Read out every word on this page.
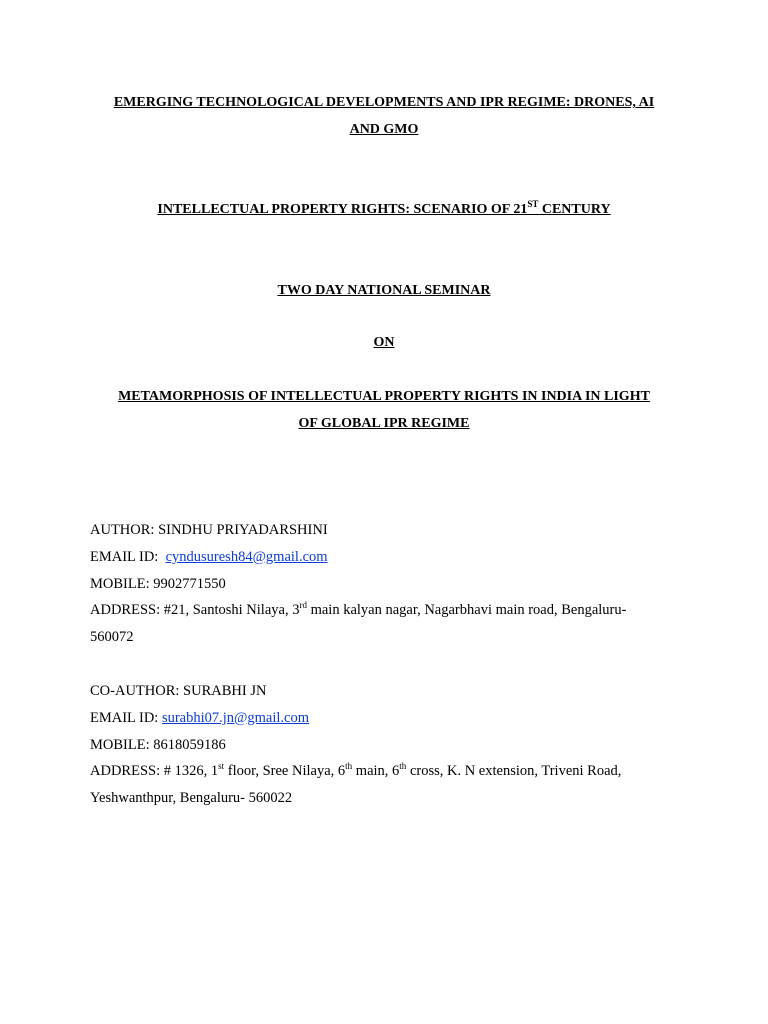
EMERGING TECHNOLOGICAL DEVELOPMENTS AND IPR REGIME: DRONES, AI
AND GMO
INTELLECTUAL PROPERTY RIGHTS: SCENARIO OF 21ST CENTURY
TWO DAY NATIONAL SEMINAR
ON
METAMORPHOSIS OF INTELLECTUAL PROPERTY RIGHTS IN INDIA IN LIGHT
OF GLOBAL IPR REGIME

AUTHOR: SINDHU PRIYADARSHINI

EMAIL ID:  cyndusuresh84@gmail.com

MOBILE: 9902771550

ADDRESS: #21, Santoshi Nilaya, 3rd main kalyan nagar, Nagarbhavi main road, Bengaluru-

560072

CO-AUTHOR: SURABHI JN

EMAIL ID: surabhi07.jn@gmail.com

MOBILE: 8618059186

ADDRESS: # 1326, 1st floor, Sree Nilaya, 6th main, 6th cross, K. N extension, Triveni Road,

Yeshwanthpur, Bengaluru- 560022
